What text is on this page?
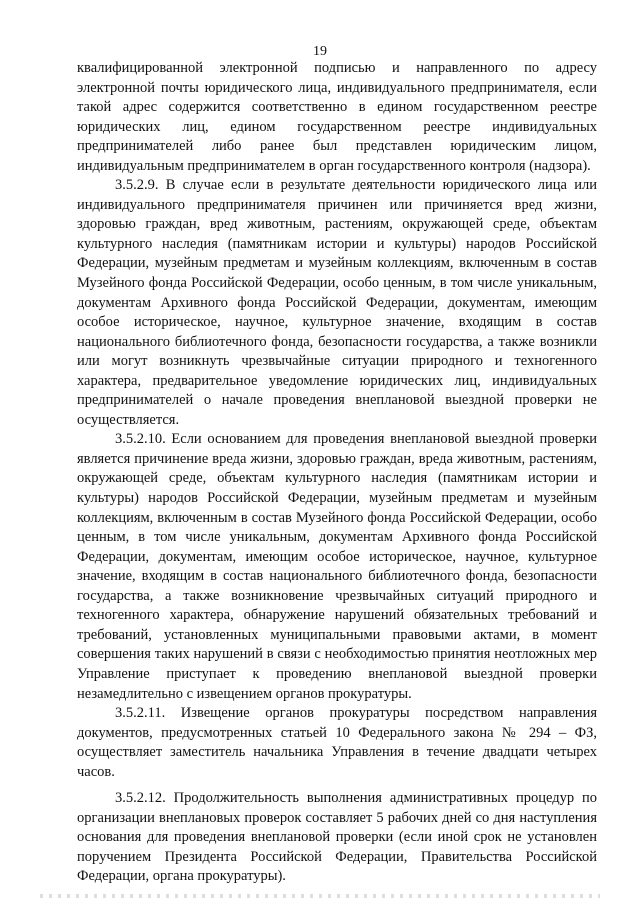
19

квалифицированной электронной подписью и направленного по адресу электронной почты юридического лица, индивидуального предпринимателя, если такой адрес содержится соответственно в едином государственном реестре юридических лиц, едином государственном реестре индивидуальных предпринимателей либо ранее был представлен юридическим лицом, индивидуальным предпринимателем в орган государственного контроля (надзора).

3.5.2.9. В случае если в результате деятельности юридического лица или индивидуального предпринимателя причинен или причиняется вред жизни, здоровью граждан, вред животным, растениям, окружающей среде, объектам культурного наследия (памятникам истории и культуры) народов Российской Федерации, музейным предметам и музейным коллекциям, включенным в состав Музейного фонда Российской Федерации, особо ценным, в том числе уникальным, документам Архивного фонда Российской Федерации, документам, имеющим особое историческое, научное, культурное значение, входящим в состав национального библиотечного фонда, безопасности государства, а также возникли или могут возникнуть чрезвычайные ситуации природного и техногенного характера, предварительное уведомление юридических лиц, индивидуальных предпринимателей о начале проведения внеплановой выездной проверки не осуществляется.

3.5.2.10. Если основанием для проведения внеплановой выездной проверки является причинение вреда жизни, здоровью граждан, вреда животным, растениям, окружающей среде, объектам культурного наследия (памятникам истории и культуры) народов Российской Федерации, музейным предметам и музейным коллекциям, включенным в состав Музейного фонда Российской Федерации, особо ценным, в том числе уникальным, документам Архивного фонда Российской Федерации, документам, имеющим особое историческое, научное, культурное значение, входящим в состав национального библиотечного фонда, безопасности государства, а также возникновение чрезвычайных ситуаций природного и техногенного характера, обнаружение нарушений обязательных требований и требований, установленных муниципальными правовыми актами, в момент совершения таких нарушений в связи с необходимостью принятия неотложных мер Управление приступает к проведению внеплановой выездной проверки незамедлительно с извещением органов прокуратуры.

3.5.2.11. Извещение органов прокуратуры посредством направления документов, предусмотренных статьей 10 Федерального закона № 294 – ФЗ, осуществляет заместитель начальника Управления в течение двадцати четырех часов.

3.5.2.12. Продолжительность выполнения административных процедур по организации внеплановых проверок составляет 5 рабочих дней со дня наступления основания для проведения внеплановой проверки (если иной срок не установлен поручением Президента Российской Федерации, Правительства Российской Федерации, органа прокуратуры).
